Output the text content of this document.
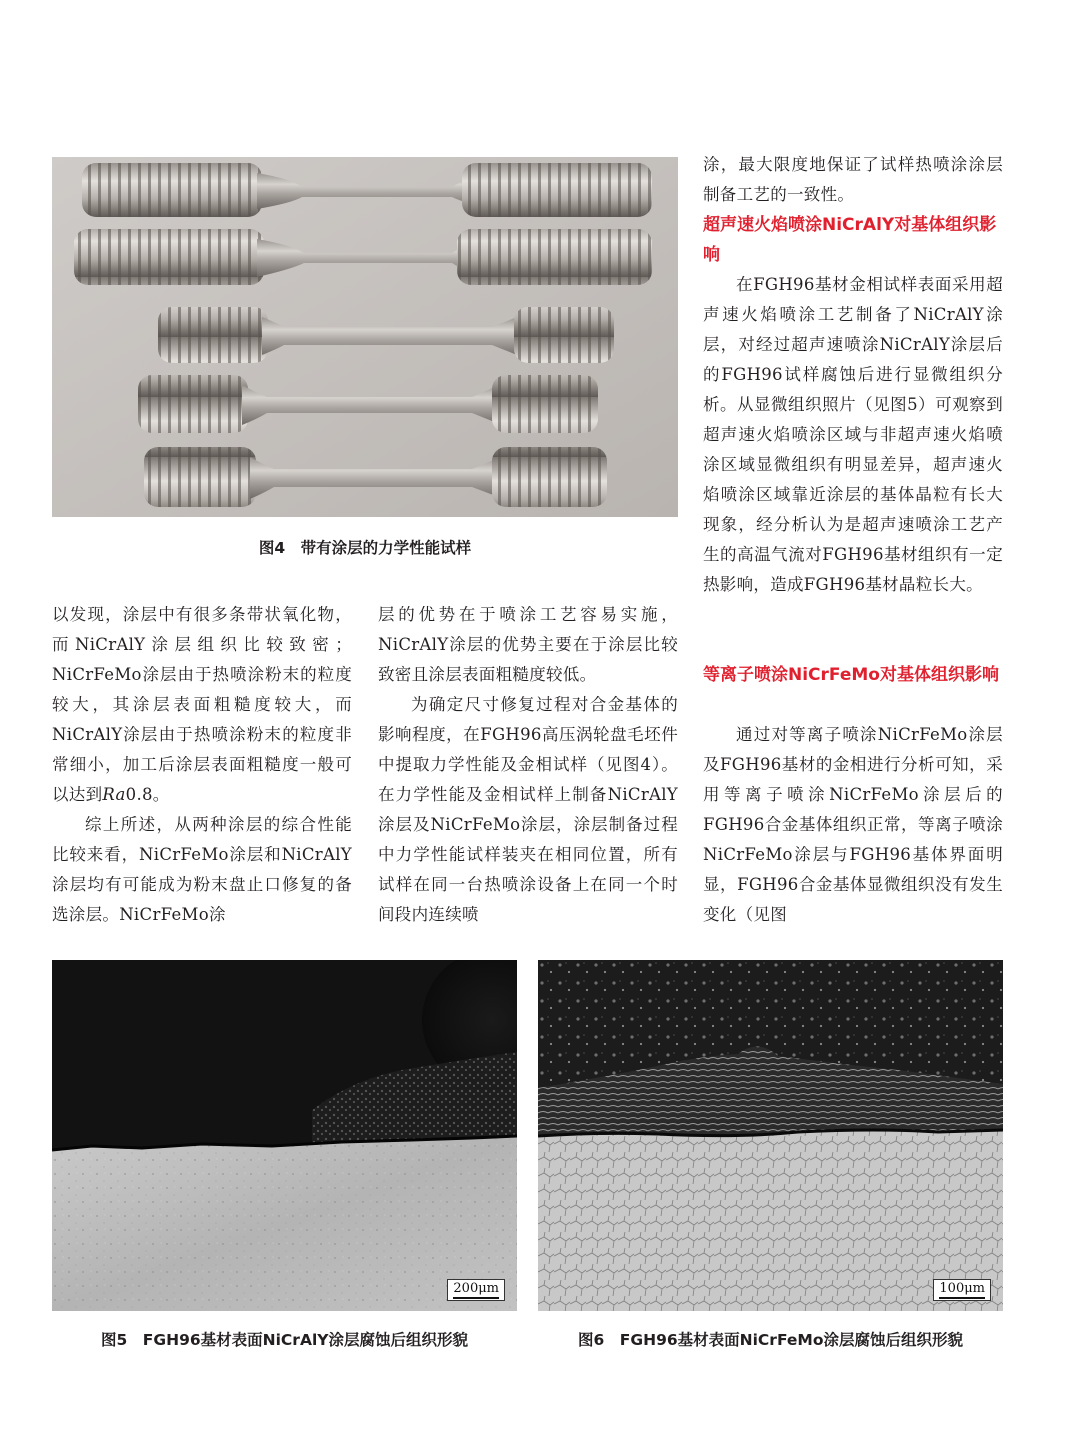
图4　带有涂层的力学性能试样

以发现，涂层中有很多条带状氧化物，而NiCrAlY涂层组织比较致密；NiCrFeMo涂层由于热喷涂粉末的粒度较大，其涂层表面粗糙度较大，而NiCrAlY涂层由于热喷涂粉末的粒度非常细小，加工后涂层表面粗糙度一般可以达到Ra0.8。

综上所述，从两种涂层的综合性能比较来看，NiCrFeMo涂层和NiCrAlY涂层均有可能成为粉末盘止口修复的备选涂层。NiCrFeMo涂

层的优势在于喷涂工艺容易实施，NiCrAlY涂层的优势主要在于涂层比较致密且涂层表面粗糙度较低。

为确定尺寸修复过程对合金基体的影响程度，在FGH96高压涡轮盘毛坯件中提取力学性能及金相试样（见图4）。在力学性能及金相试样上制备NiCrAlY涂层及NiCrFeMo涂层，涂层制备过程中力学性能试样装夹在相同位置，所有试样在同一台热喷涂设备上在同一个时间段内连续喷

涂，最大限度地保证了试样热喷涂涂层制备工艺的一致性。

超声速火焰喷涂NiCrAlY对基体组织影响

在FGH96基材金相试样表面采用超声速火焰喷涂工艺制备了NiCrAlY涂层，对经过超声速喷涂NiCrAlY涂层后的FGH96试样腐蚀后进行显微组织分析。从显微组织照片（见图5）可观察到超声速火焰喷涂区域与非超声速火焰喷涂区域显微组织有明显差异，超声速火焰喷涂区域靠近涂层的基体晶粒有长大现象，经分析认为是超声速喷涂工艺产生的高温气流对FGH96基材组织有一定热影响，造成FGH96基材晶粒长大。

等离子喷涂NiCrFeMo对基体组织影响

通过对等离子喷涂NiCrFeMo涂层及FGH96基材的金相进行分析可知，采用等离子喷涂NiCrFeMo涂层后的FGH96合金基体组织正常，等离子喷涂NiCrFeMo涂层与FGH96基体界面明显，FGH96合金基体显微组织没有发生变化（见图

200μm

图5　FGH96基材表面NiCrAlY涂层腐蚀后组织形貌

100μm

图6　FGH96基材表面NiCrFeMo涂层腐蚀后组织形貌
